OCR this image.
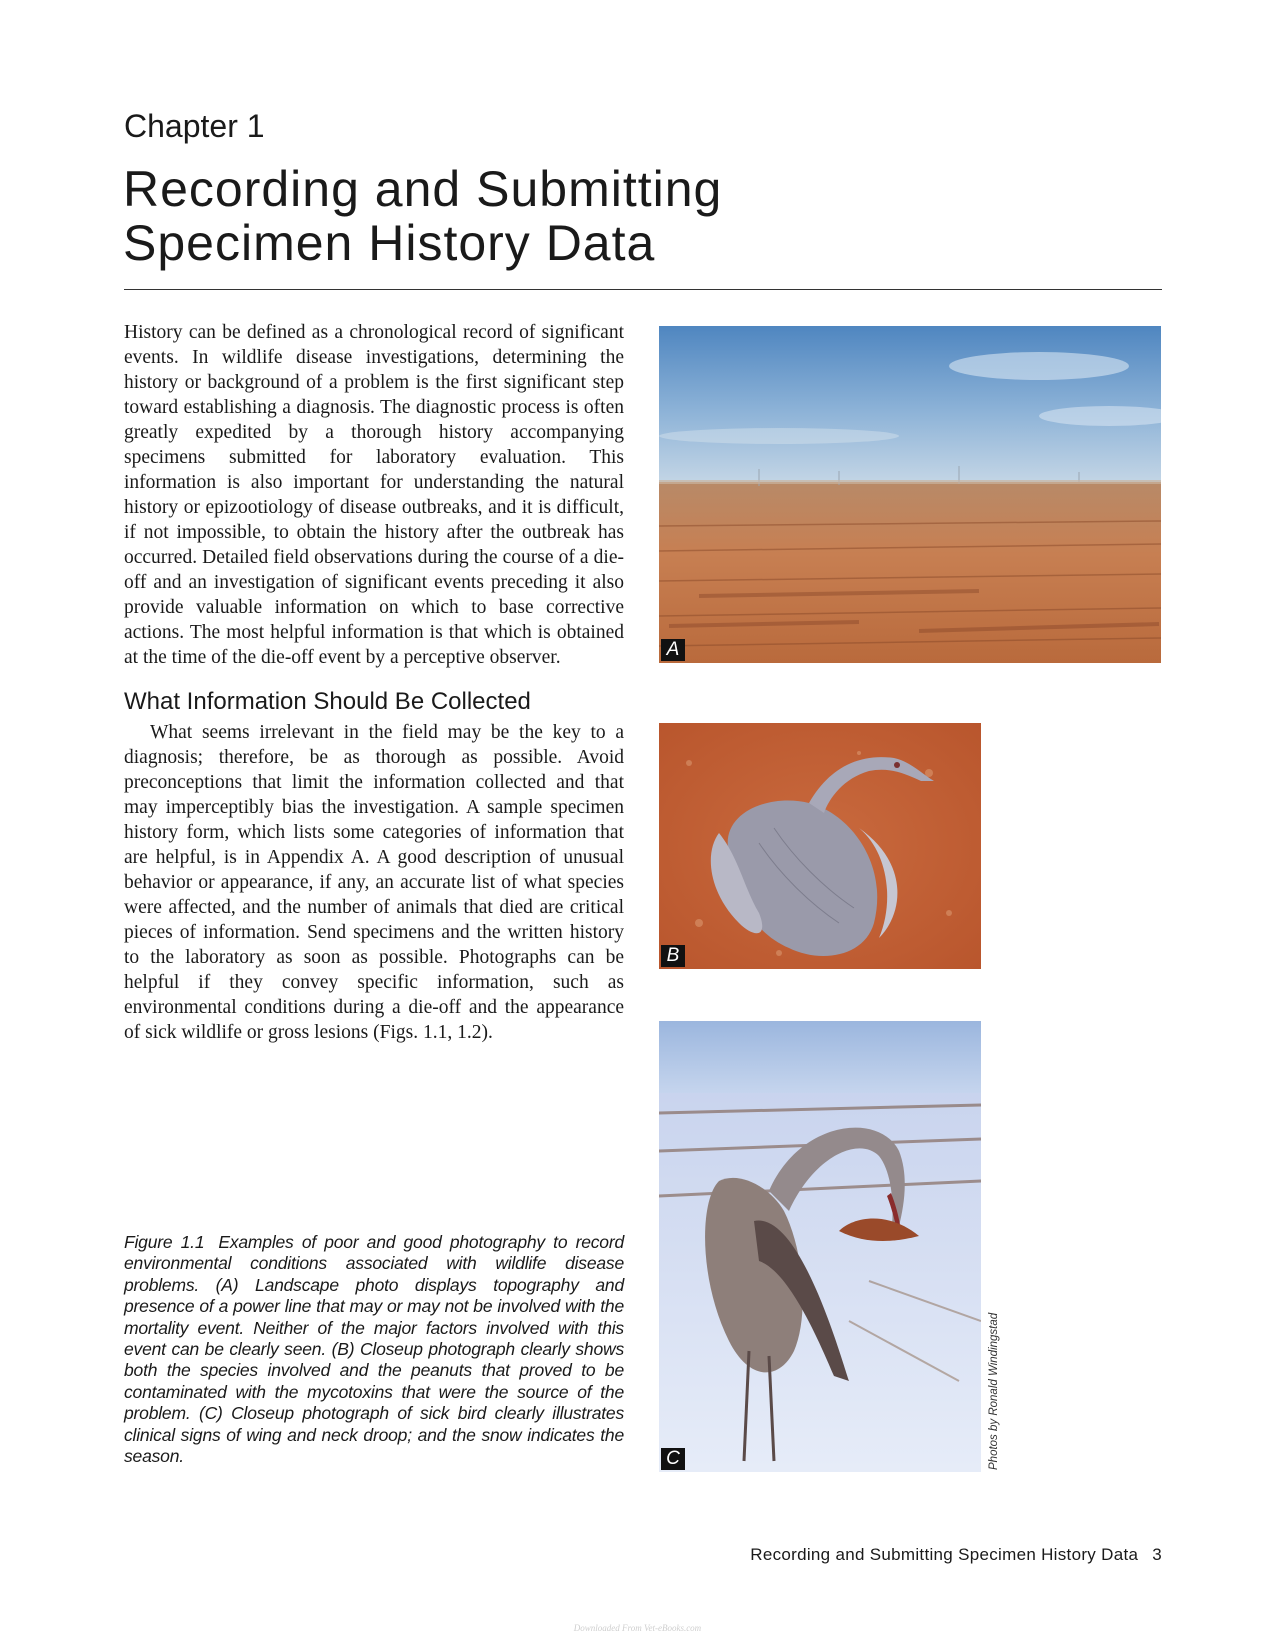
Chapter 1
Recording and Submitting
Specimen History Data

History can be defined as a chronological record of significant events. In wildlife disease investigations, determining the history or background of a problem is the first significant step toward establishing a diagnosis. The diagnostic process is often greatly expedited by a thorough history accompanying specimens submitted for laboratory evaluation. This information is also important for understanding the natural history or epizootiology of disease outbreaks, and it is difficult, if not impossible, to obtain the history after the outbreak has occurred. Detailed field observations during the course of a die-off and an investigation of significant events preceding it also provide valuable information on which to base corrective actions. The most helpful information is that which is obtained at the time of the die-off event by a perceptive observer.

What Information Should Be Collected

What seems irrelevant in the field may be the key to a diagnosis; therefore, be as thorough as possible. Avoid preconceptions that limit the information collected and that may imperceptibly bias the investigation. A sample specimen history form, which lists some categories of information that are helpful, is in Appendix A. A good description of unusual behavior or appearance, if any, an accurate list of what species were affected, and the number of animals that died are critical pieces of information. Send specimens and the written history to the laboratory as soon as possible. Photographs can be helpful if they convey specific information, such as environmental conditions during a die-off and the appearance of sick wildlife or gross lesions (Figs. 1.1, 1.2).

Figure 1.1 Examples of poor and good photography to record environmental conditions associated with wildlife disease problems. (A) Landscape photo displays topography and presence of a power line that may or may not be involved with the mortality event. Neither of the major factors involved with this event can be clearly seen. (B) Closeup photograph clearly shows both the species involved and the peanuts that proved to be contaminated with the mycotoxins that were the source of the problem. (C) Closeup photograph of sick bird clearly illustrates clinical signs of wing and neck droop; and the snow indicates the season.
A
B
C	Photos by Ronald Windingstad
Recording and Submitting Specimen History Data 3
Downloaded From Vet-eBooks.com
